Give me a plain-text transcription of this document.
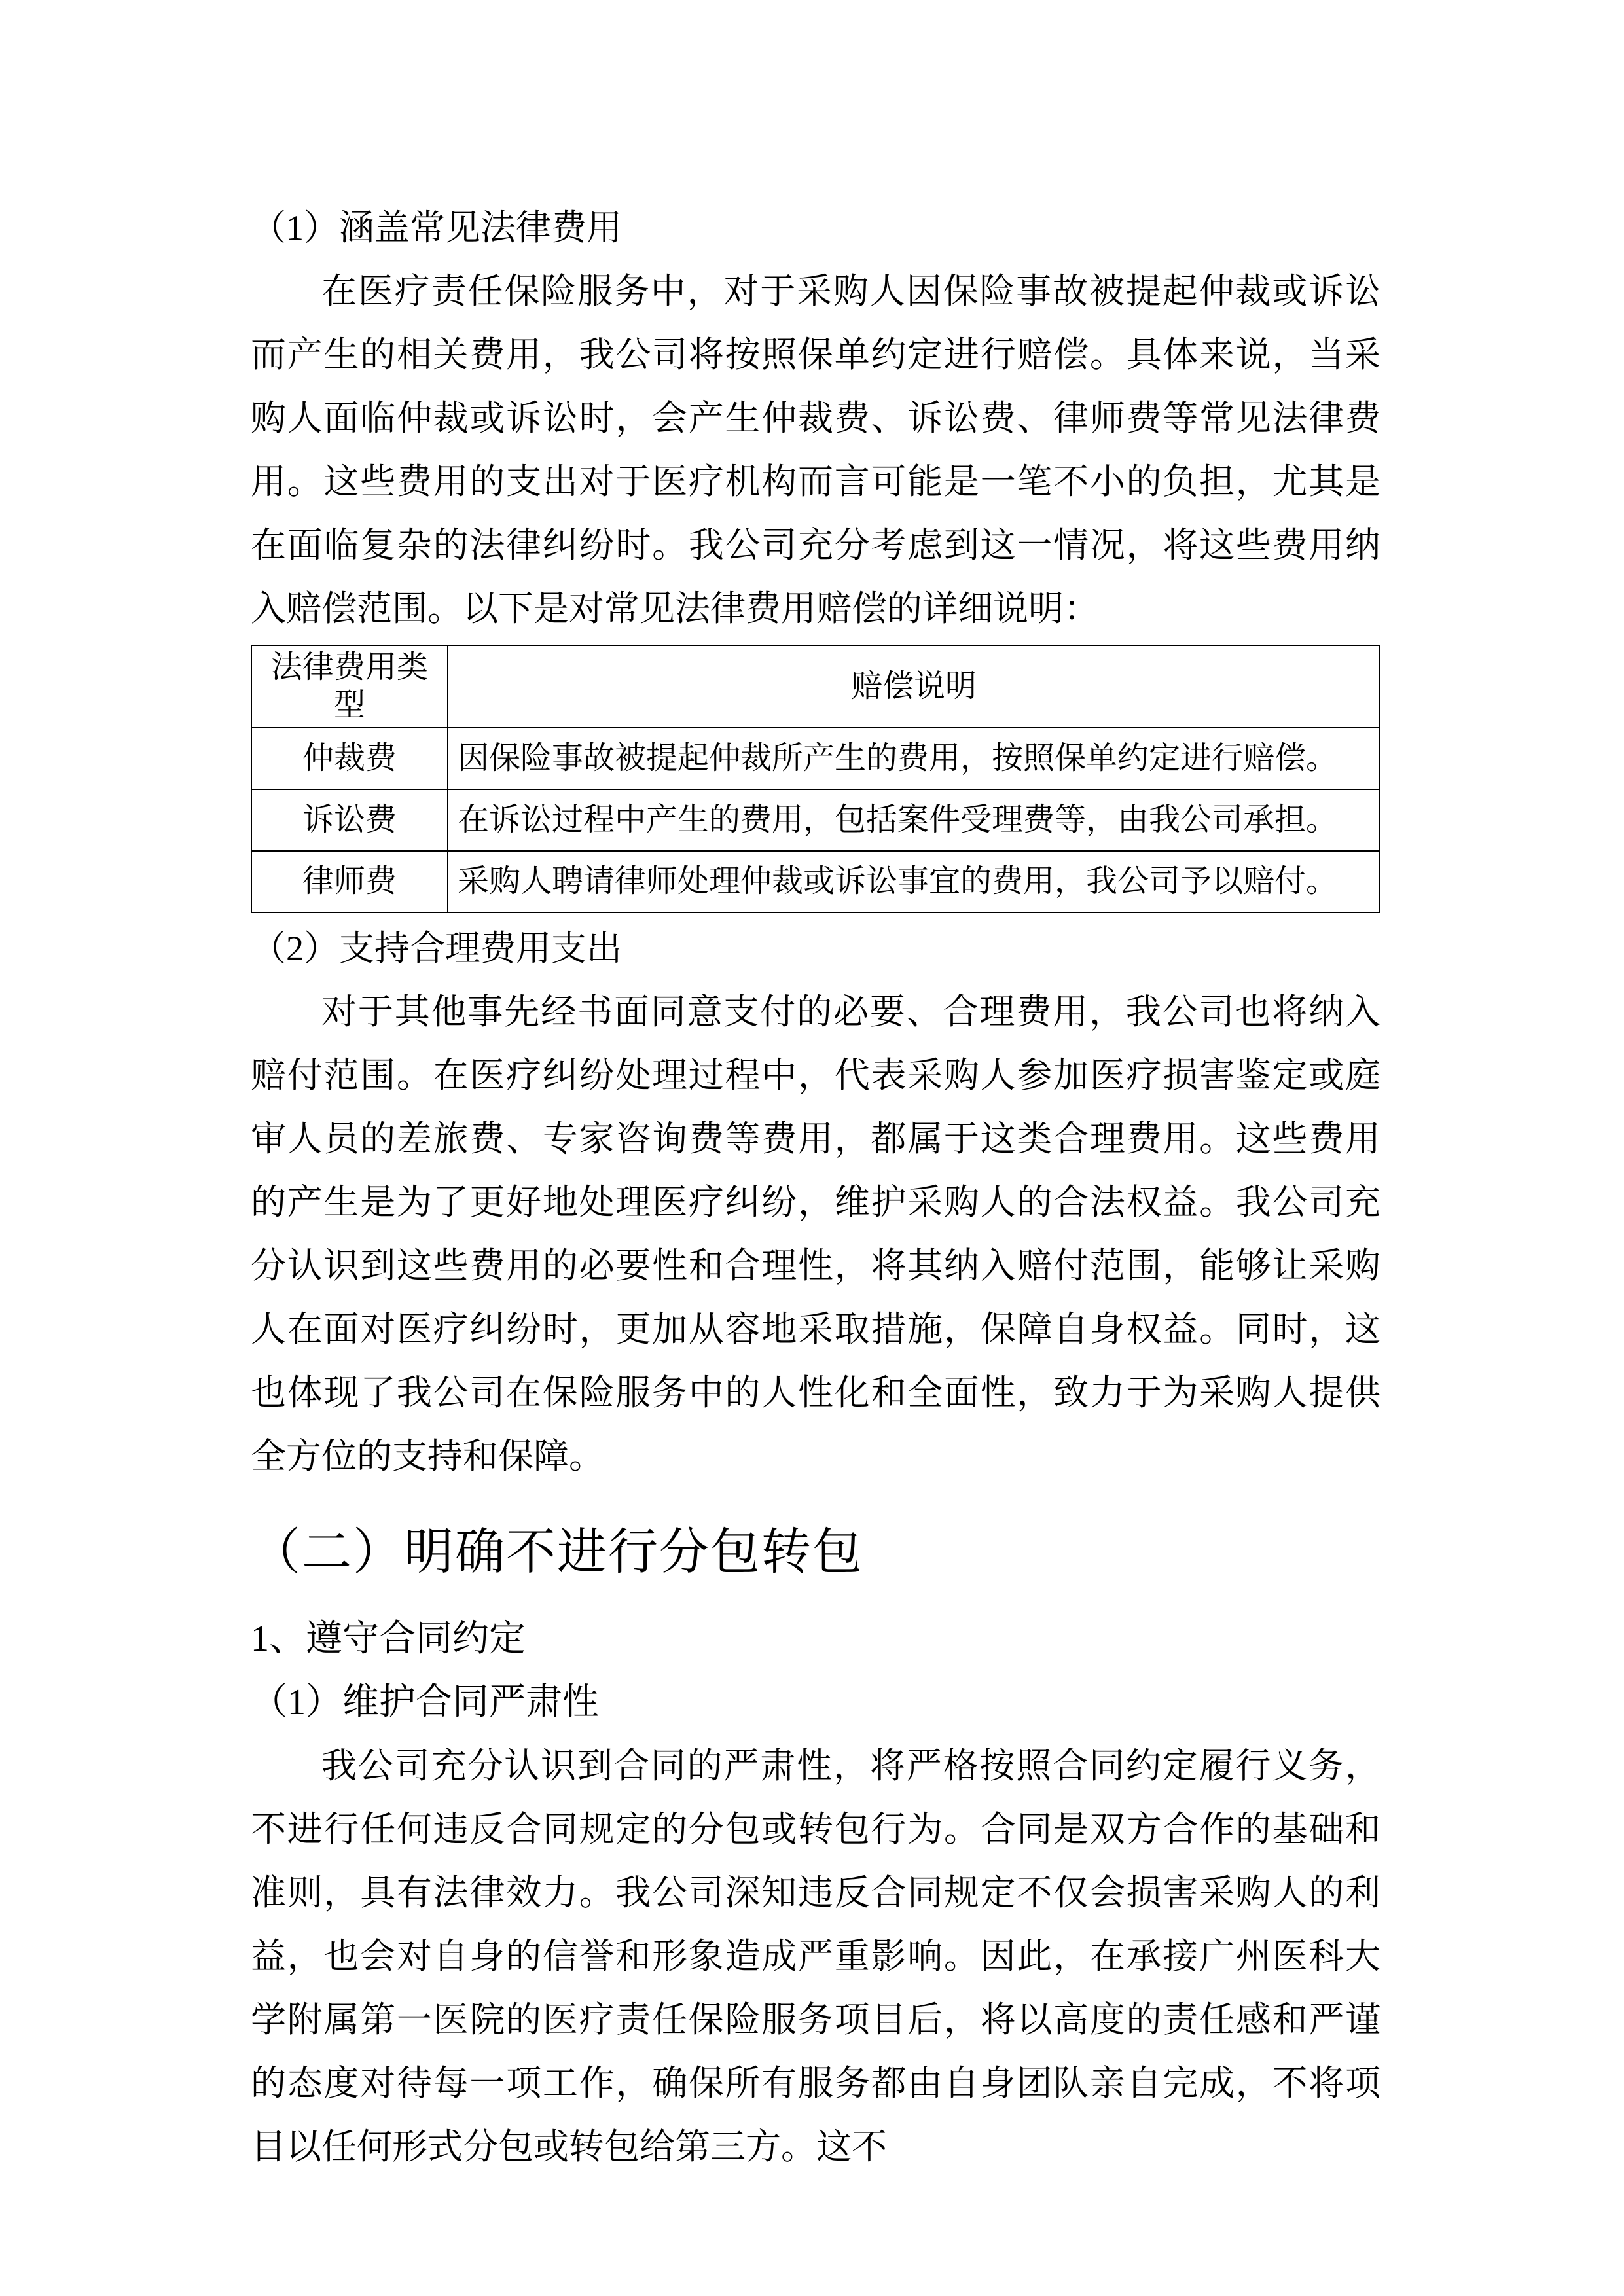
（1）涵盖常见法律费用

在医疗责任保险服务中，对于采购人因保险事故被提起仲裁或诉讼而产生的相关费用，我公司将按照保单约定进行赔偿。具体来说，当采购人面临仲裁或诉讼时，会产生仲裁费、诉讼费、律师费等常见法律费用。这些费用的支出对于医疗机构而言可能是一笔不小的负担，尤其是在面临复杂的法律纠纷时。我公司充分考虑到这一情况，将这些费用纳入赔偿范围。以下是对常见法律费用赔偿的详细说明：

法律费用类型	赔偿说明
仲裁费	因保险事故被提起仲裁所产生的费用，按照保单约定进行赔偿。
诉讼费	在诉讼过程中产生的费用，包括案件受理费等，由我公司承担。
律师费	采购人聘请律师处理仲裁或诉讼事宜的费用，我公司予以赔付。

（2）支持合理费用支出

对于其他事先经书面同意支付的必要、合理费用，我公司也将纳入赔付范围。在医疗纠纷处理过程中，代表采购人参加医疗损害鉴定或庭审人员的差旅费、专家咨询费等费用，都属于这类合理费用。这些费用的产生是为了更好地处理医疗纠纷，维护采购人的合法权益。我公司充分认识到这些费用的必要性和合理性，将其纳入赔付范围，能够让采购人在面对医疗纠纷时，更加从容地采取措施，保障自身权益。同时，这也体现了我公司在保险服务中的人性化和全面性，致力于为采购人提供全方位的支持和保障。

（二）明确不进行分包转包

1、遵守合同约定

（1）维护合同严肃性

我公司充分认识到合同的严肃性，将严格按照合同约定履行义务，不进行任何违反合同规定的分包或转包行为。合同是双方合作的基础和准则，具有法律效力。我公司深知违反合同规定不仅会损害采购人的利益，也会对自身的信誉和形象造成严重影响。因此，在承接广州医科大学附属第一医院的医疗责任保险服务项目后，将以高度的责任感和严谨的态度对待每一项工作，确保所有服务都由自身团队亲自完成，不将项目以任何形式分包或转包给第三方。这不
